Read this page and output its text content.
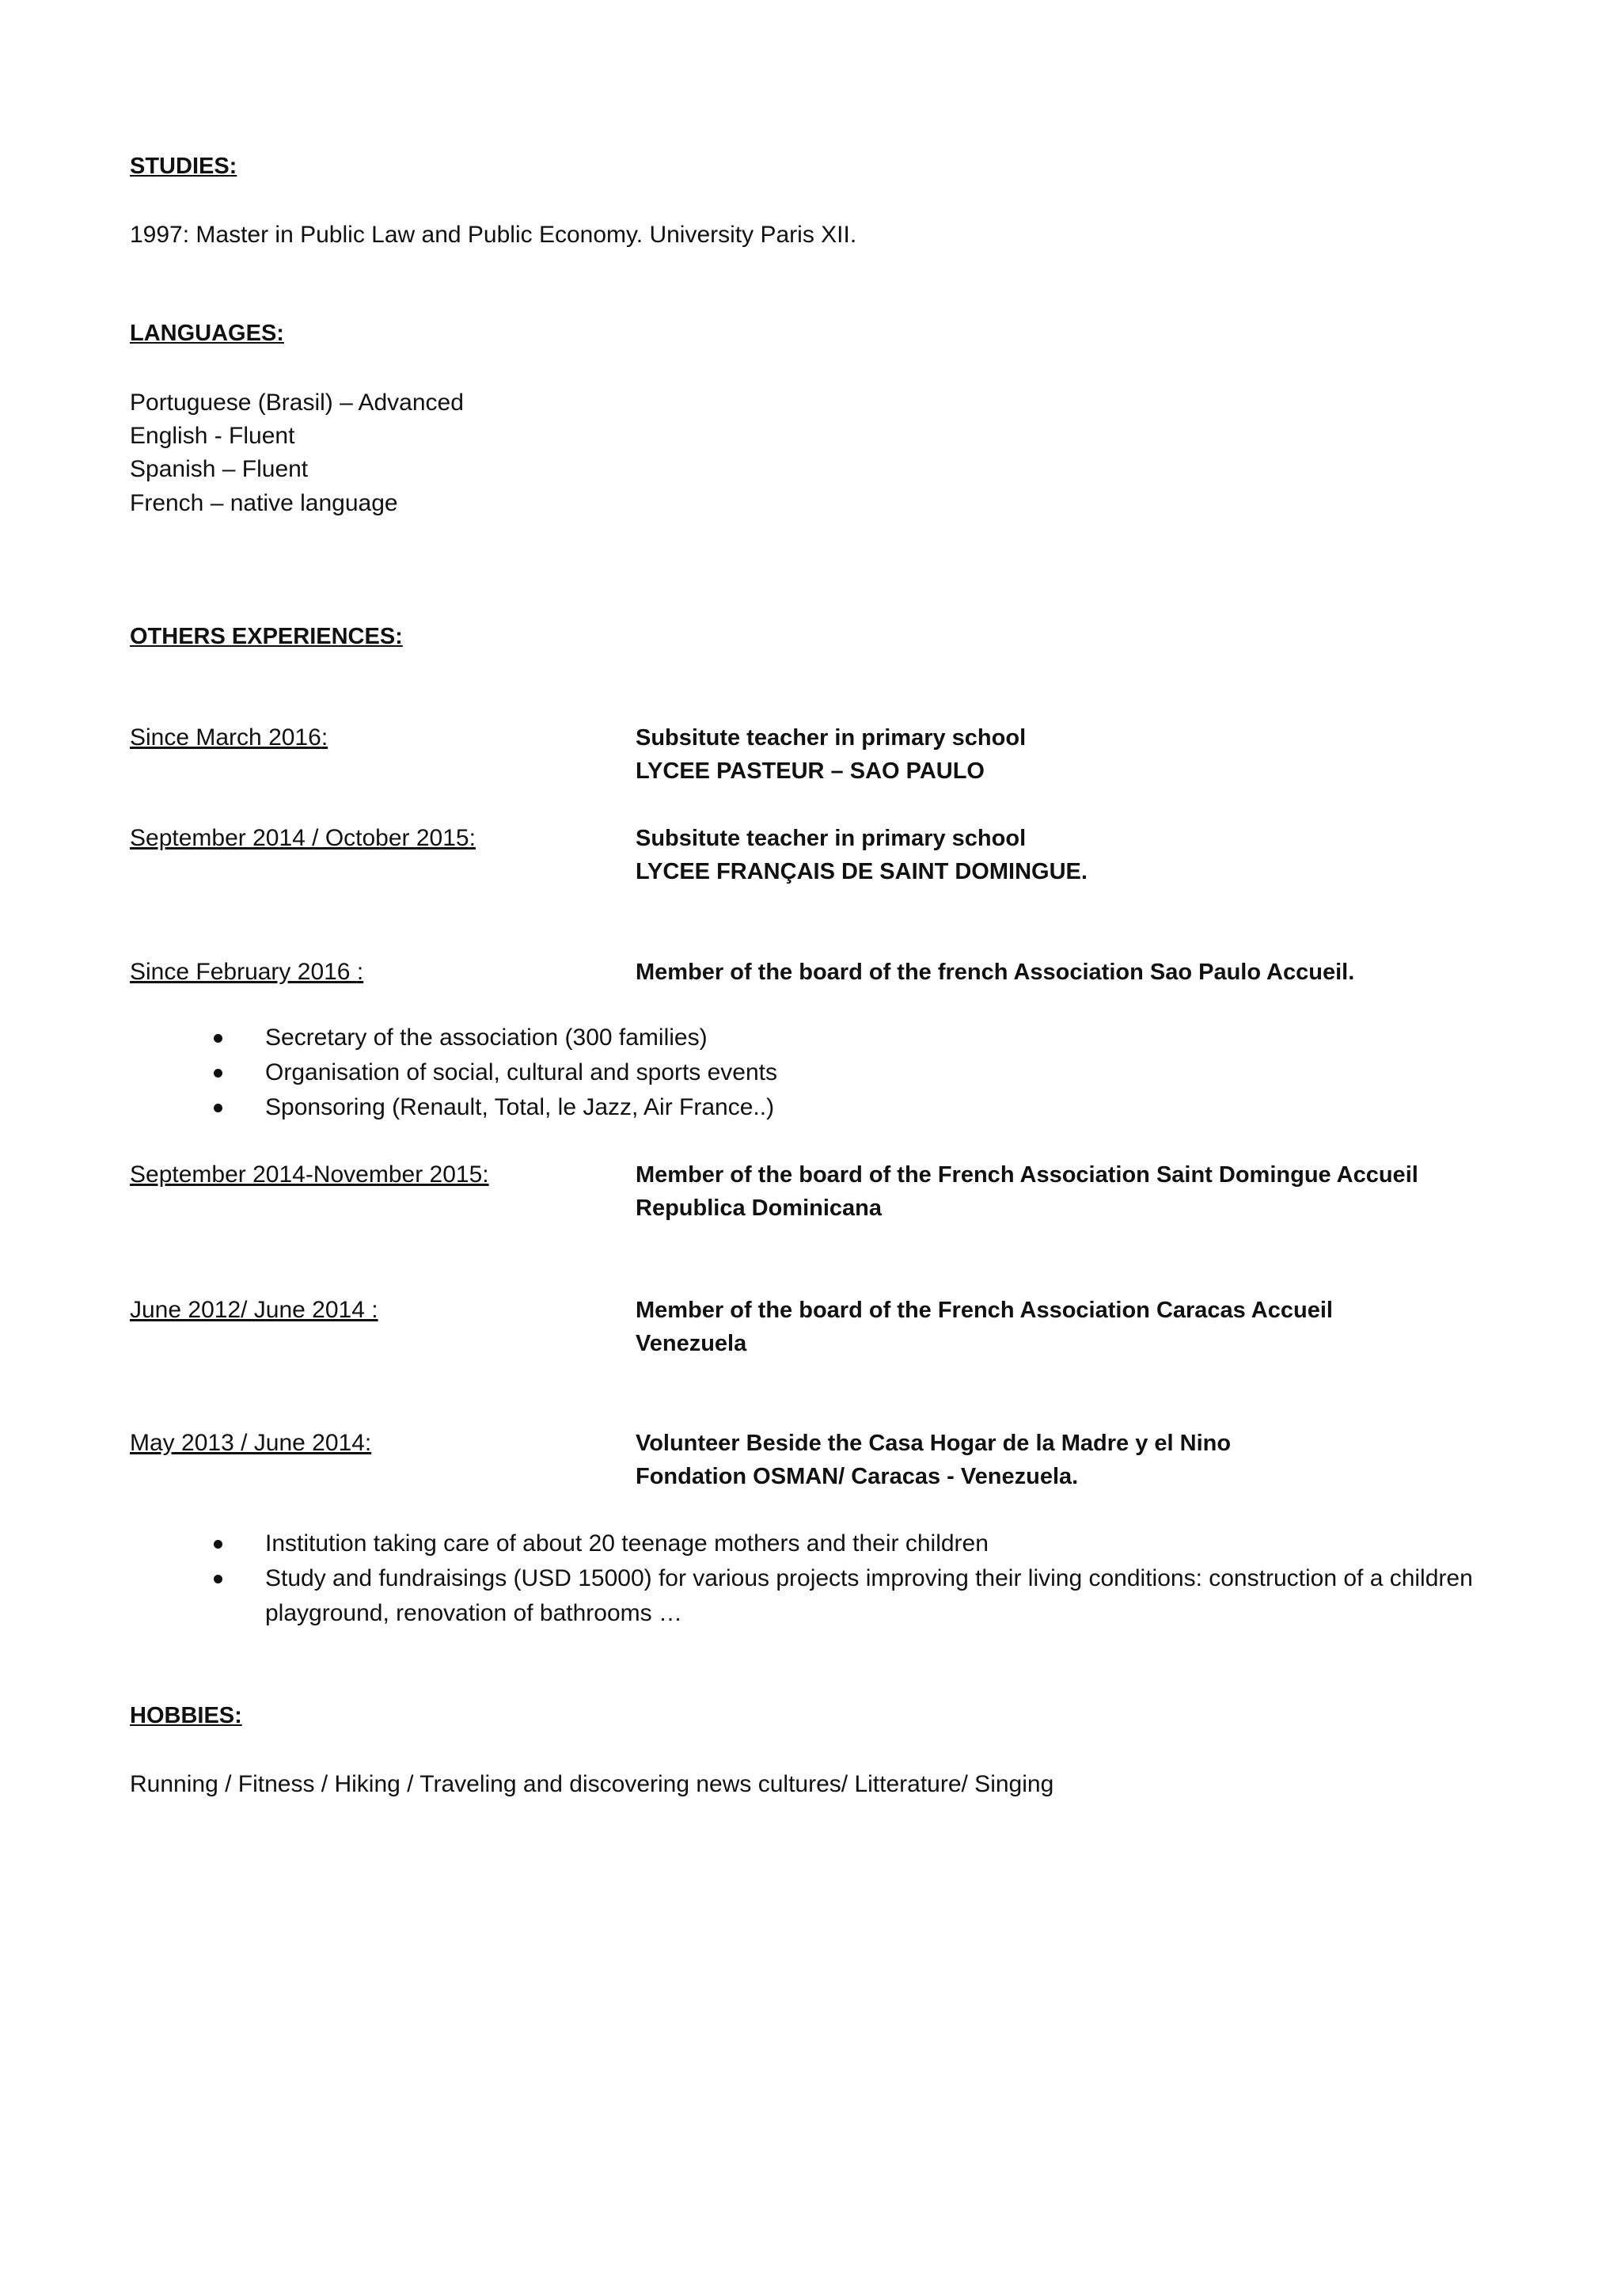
STUDIES:
1997: Master in Public Law and Public Economy. University Paris XII.
LANGUAGES:
Portuguese (Brasil) – Advanced
English - Fluent
Spanish – Fluent
French – native language
OTHERS EXPERIENCES:
Since March 2016:	Subsitute teacher in primary school
LYCEE PASTEUR – SAO PAULO
September 2014 / October 2015:	Subsitute teacher in primary school
LYCEE FRANÇAIS DE SAINT DOMINGUE.
Since February 2016 :	Member of the board of the french Association Sao Paulo Accueil.
Secretary of the association (300 families)
Organisation of social, cultural and sports events
Sponsoring (Renault, Total, le Jazz, Air France..)
September 2014-November 2015:	Member of the board of the French Association Saint Domingue Accueil
Republica Dominicana
June 2012/ June 2014 :	Member of the board of the French Association Caracas Accueil
Venezuela
May 2013 / June 2014:	Volunteer Beside the Casa Hogar de la Madre y el Nino
Fondation OSMAN/ Caracas - Venezuela.
Institution taking care of about 20 teenage mothers and their children
Study and fundraisings (USD 15000) for various projects improving their living conditions: construction of a children playground, renovation of bathrooms …
HOBBIES:
Running / Fitness / Hiking / Traveling and discovering news cultures/ Litterature/ Singing
